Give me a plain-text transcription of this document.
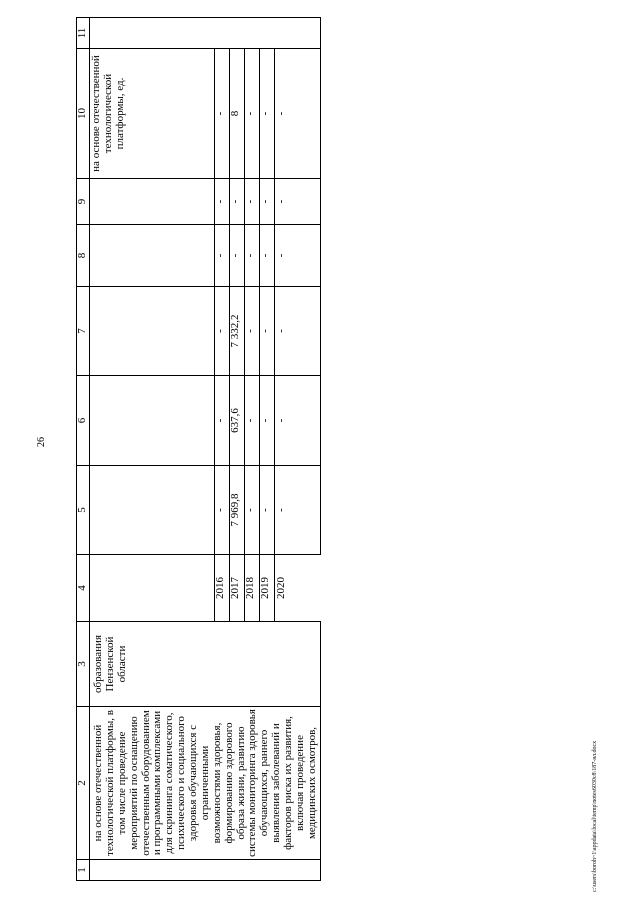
26
1	2	3	4	5	6	7	8	9	10	11
	на основе отечественной технологической платформы, в том числе проведение мероприятий по оснащению отечественным оборудованием и программными комплексами для скрининга соматического, психического и социального здоровья обучающихся с ограниченными возможностями здоровья, формированию здорового образа жизни, развитию системы мониторинга здоровья обучающихся, раннего выявления заболеваний и факторов риска их развития, включая проведение медицинских осмотров,	образования Пензенской области							на основе отечественной технологической платформы, ед.	
			2016	-	-	-	-	-	-	
			2017	7 969,8	637,6	7 332,2	-	-	8	
			2018	-	-	-	-	-	-	
			2019	-	-	-	-	-	-	
			2020	-	-	-	-	-	-	
c:\users\boroh~1\appdata\local\temp\notes6030c8\187-ял.docx
